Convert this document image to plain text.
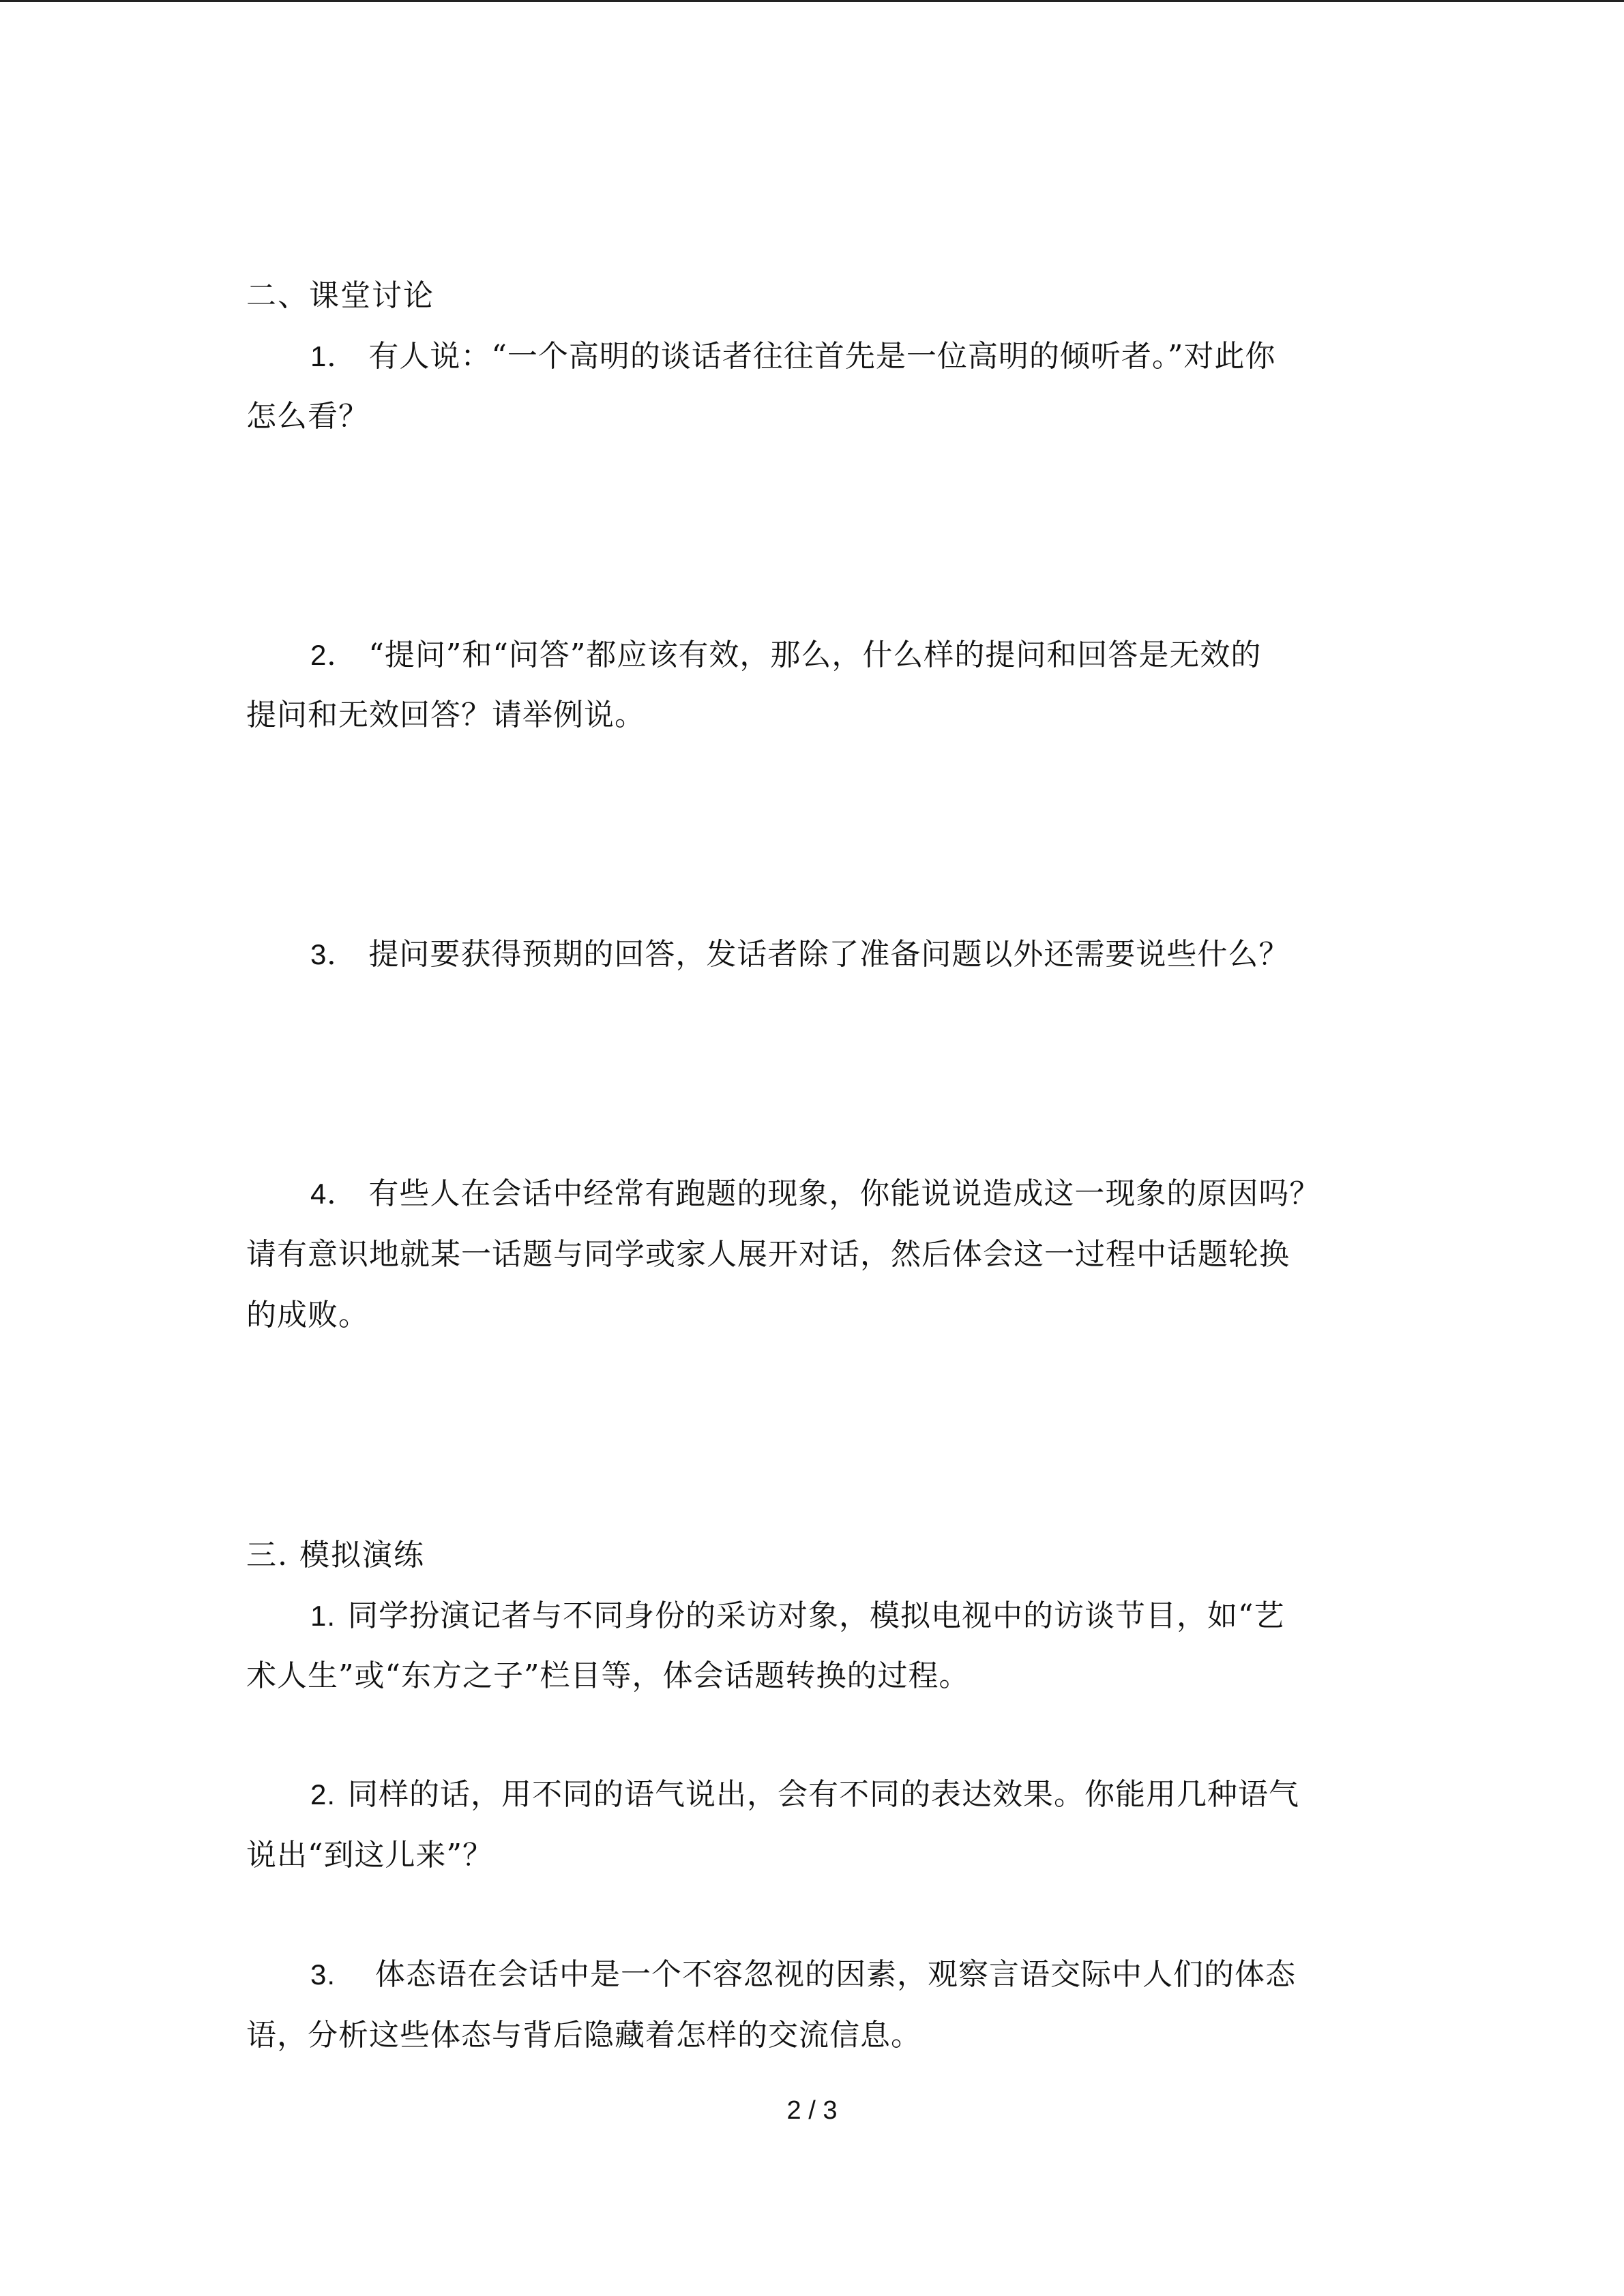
二、课堂讨论
1． 有人说：“一个高明的谈话者往往首先是一位高明的倾听者。”对此你
怎么看？
2． “提问”和“问答”都应该有效，那么，什么样的提问和回答是无效的
提问和无效回答？请举例说。
3． 提问要获得预期的回答，发话者除了准备问题以外还需要说些什么？
4． 有些人在会话中经常有跑题的现象，你能说说造成这一现象的原因吗？
请有意识地就某一话题与同学或家人展开对话，然后体会这一过程中话题轮换
的成败。
三. 模拟演练
1. 同学扮演记者与不同身份的采访对象，模拟电视中的访谈节目，如“艺
术人生”或“东方之子”栏目等，体会话题转换的过程。
2. 同样的话，用不同的语气说出，会有不同的表达效果。你能用几种语气
说出“到这儿来”？
3. 体态语在会话中是一个不容忽视的因素，观察言语交际中人们的体态
语，分析这些体态与背后隐藏着怎样的交流信息。
2 / 3
